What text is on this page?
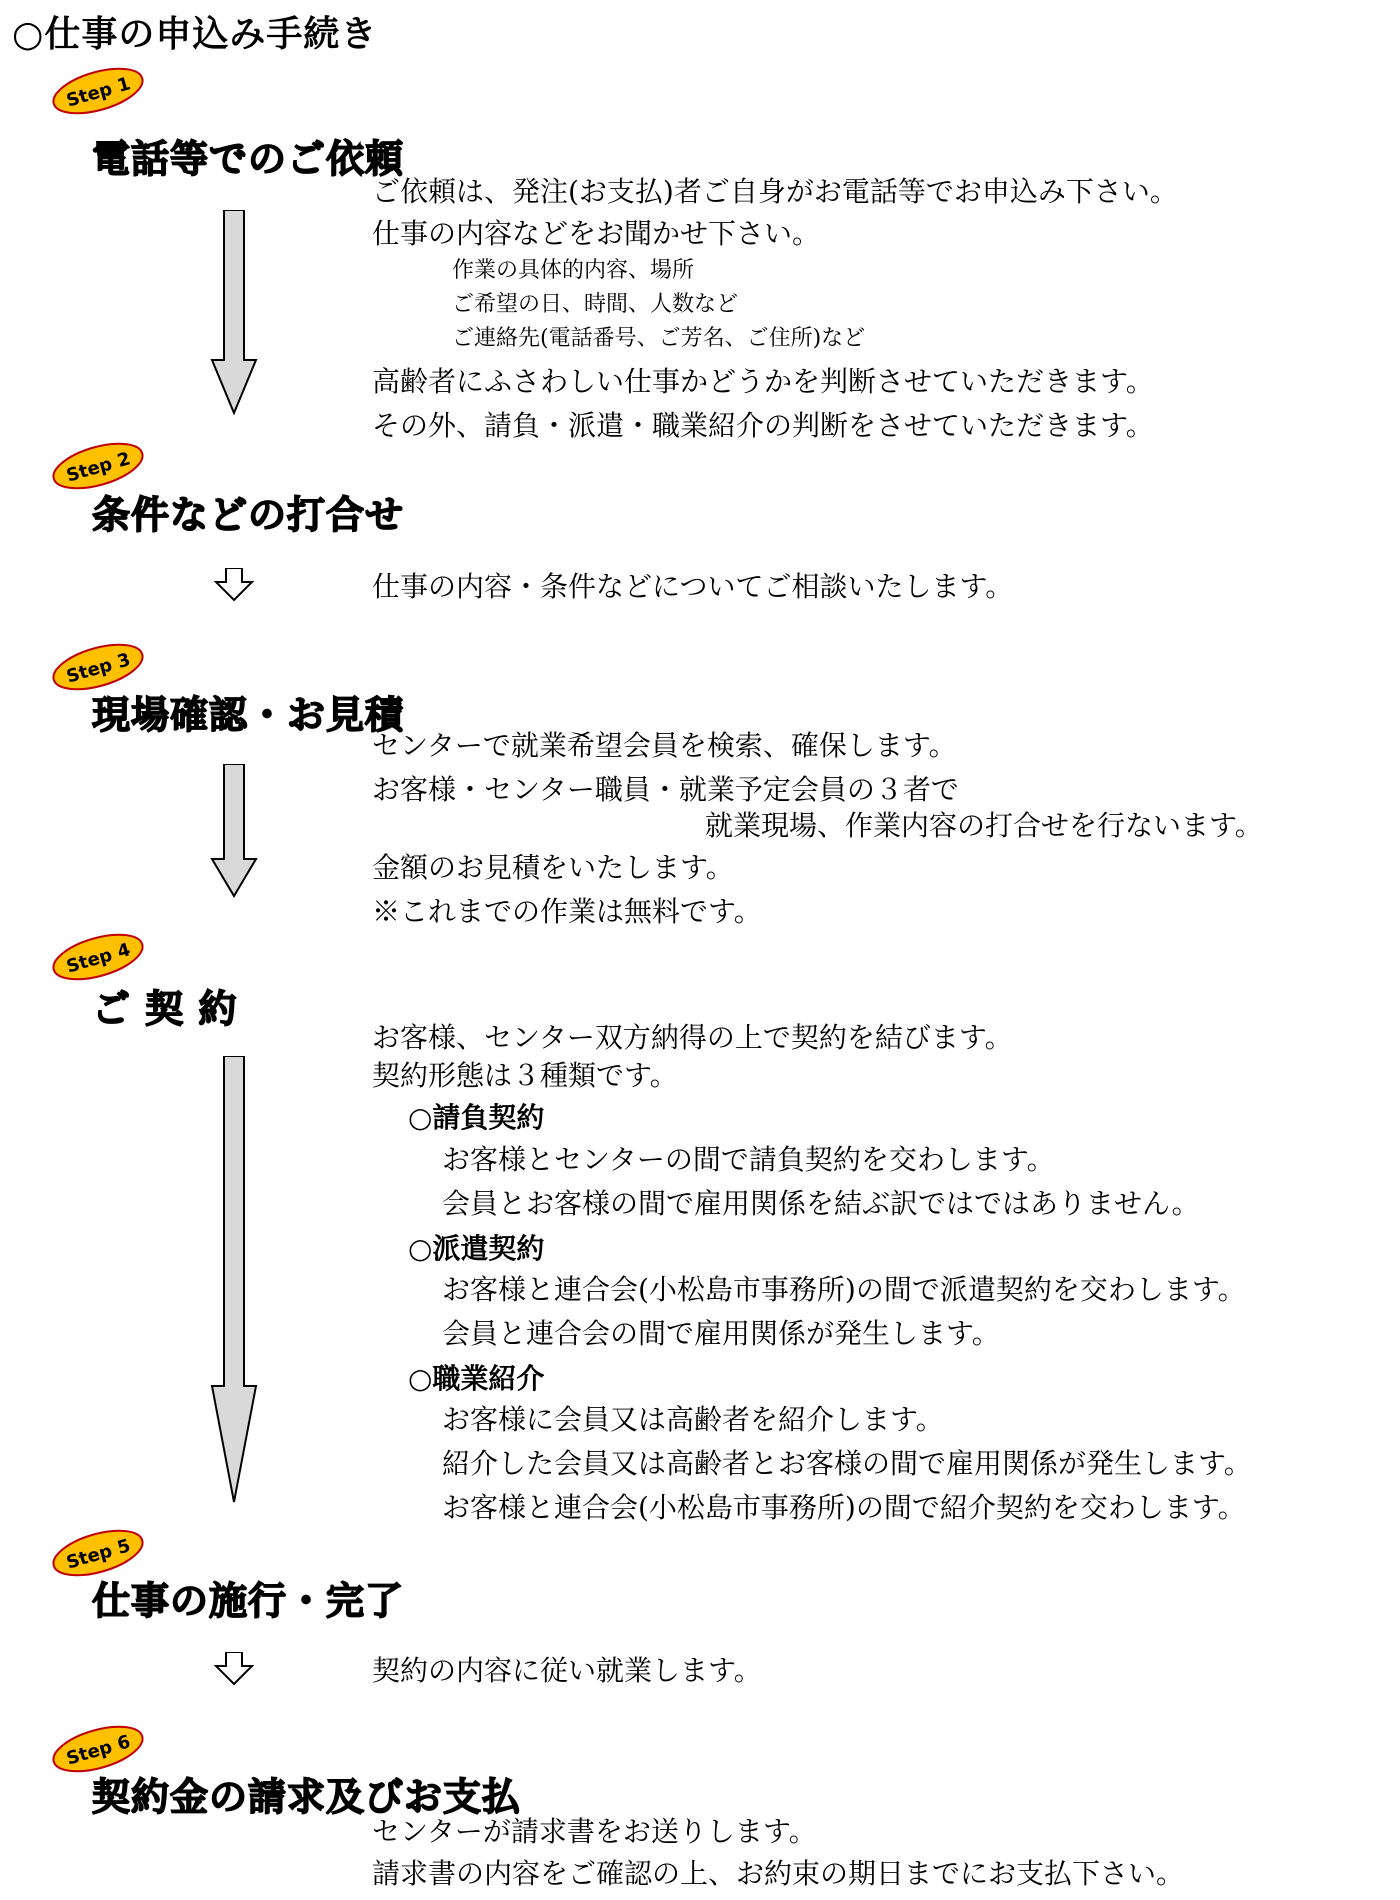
○仕事の申込み手続き
Step 1
電話等でのご依頼
ご依頼は、発注(お支払)者ご自身がお電話等でお申込み下さい。
仕事の内容などをお聞かせ下さい。
作業の具体的内容、場所
ご希望の日、時間、人数など
ご連絡先(電話番号、ご芳名、ご住所)など
高齢者にふさわしい仕事かどうかを判断させていただきます。
その外、請負・派遣・職業紹介の判断をさせていただきます。
Step 2
条件などの打合せ
仕事の内容・条件などについてご相談いたします。
Step 3
現場確認・お見積
センターで就業希望会員を検索、確保します。
お客様・センター職員・就業予定会員の３者で
就業現場、作業内容の打合せを行ないます。
金額のお見積をいたします。
※これまでの作業は無料です。
Step 4
ご 契 約
お客様、センター双方納得の上で契約を結びます。
契約形態は３種類です。
○請負契約
お客様とセンターの間で請負契約を交わします。
会員とお客様の間で雇用関係を結ぶ訳ではではありません。
○派遣契約
お客様と連合会(小松島市事務所)の間で派遣契約を交わします。
会員と連合会の間で雇用関係が発生します。
○職業紹介
お客様に会員又は高齢者を紹介します。
紹介した会員又は高齢者とお客様の間で雇用関係が発生します。
お客様と連合会(小松島市事務所)の間で紹介契約を交わします。
Step 5
仕事の施行・完了
契約の内容に従い就業します。
Step 6
契約金の請求及びお支払
センターが請求書をお送りします。
請求書の内容をご確認の上、お約束の期日までにお支払下さい。
